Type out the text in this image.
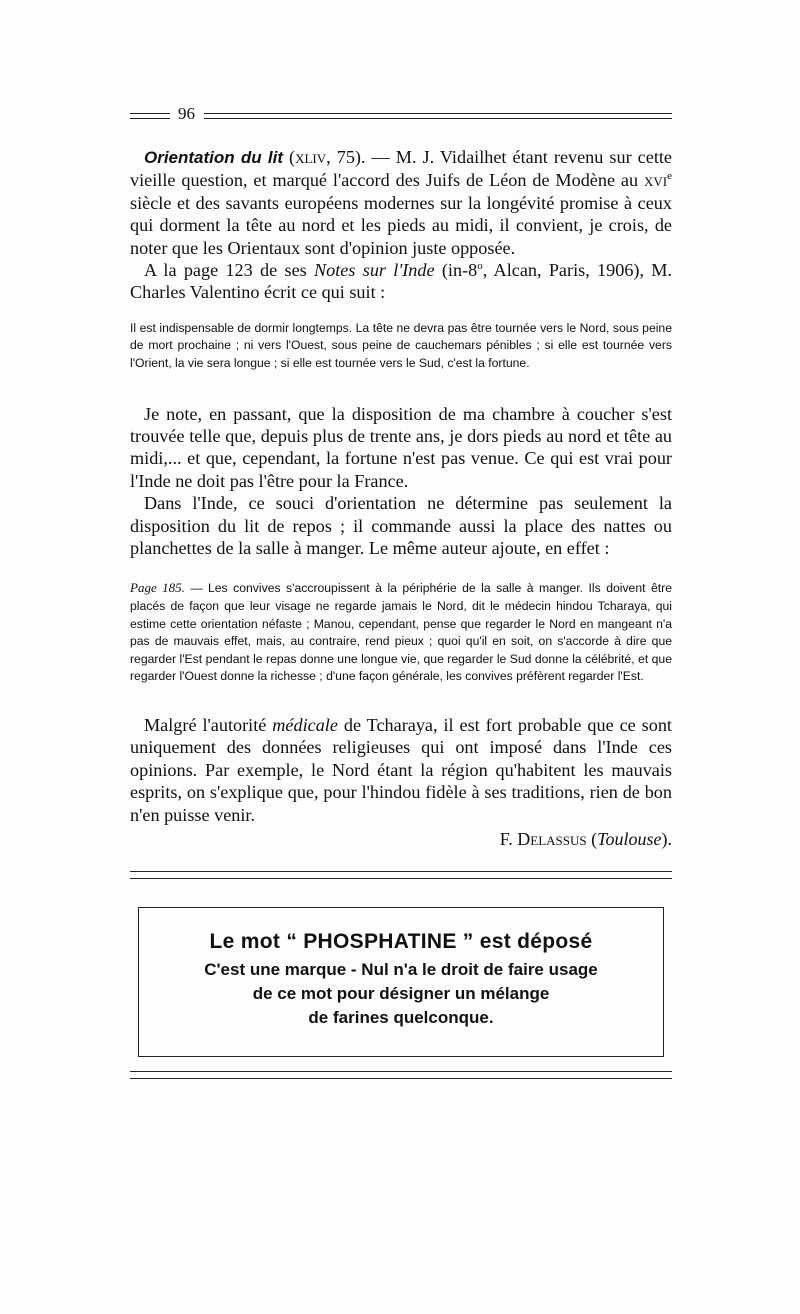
96

Orientation du lit (xliv, 75). — M. J. Vidailhet étant revenu sur cette vieille question, et marqué l'accord des Juifs de Léon de Modène au xvi$^e$ siècle et des savants européens modernes sur la longévité promise à ceux qui dorment la tête au nord et les pieds au midi, il convient, je crois, de noter que les Orientaux sont d'opinion juste opposée.

A la page 123 de ses Notes sur l'Inde (in-8$^o$, Alcan, Paris, 1906), M. Charles Valentino écrit ce qui suit :

Il est indispensable de dormir longtemps. La tête ne devra pas être tournée vers le Nord, sous peine de mort prochaine ; ni vers l'Ouest, sous peine de cauchemars pénibles ; si elle est tournée vers l'Orient, la vie sera longue ; si elle est tournée vers le Sud, c'est la fortune.

Je note, en passant, que la disposition de ma chambre à coucher s'est trouvée telle que, depuis plus de trente ans, je dors pieds au nord et tête au midi,... et que, cependant, la fortune n'est pas venue. Ce qui est vrai pour l'Inde ne doit pas l'être pour la France.

Dans l'Inde, ce souci d'orientation ne détermine pas seulement la disposition du lit de repos ; il commande aussi la place des nattes ou planchettes de la salle à manger. Le même auteur ajoute, en effet :

Page 185. — Les convives s'accroupissent à la périphérie de la salle à manger. Ils doivent être placés de façon que leur visage ne regarde jamais le Nord, dit le médecin hindou Tcharaya, qui estime cette orientation néfaste ; Manou, cependant, pense que regarder le Nord en mangeant n'a pas de mauvais effet, mais, au contraire, rend pieux ; quoi qu'il en soit, on s'accorde à dire que regarder l'Est pendant le repas donne une longue vie, que regarder le Sud donne la célébrité, et que regarder l'Ouest donne la richesse ; d'une façon générale, les convives préfèrent regarder l'Est.

Malgré l'autorité médicale de Tcharaya, il est fort probable que ce sont uniquement des données religieuses qui ont imposé dans l'Inde ces opinions. Par exemple, le Nord étant la région qu'habitent les mauvais esprits, on s'explique que, pour l'hindou fidèle à ses traditions, rien de bon n'en puisse venir.

F. Delassus (Toulouse).

Le mot “ PHOSPHATINE ” est déposé
C'est une marque - Nul n'a le droit de faire usage
de ce mot pour désigner un mélange
de farines quelconque.
